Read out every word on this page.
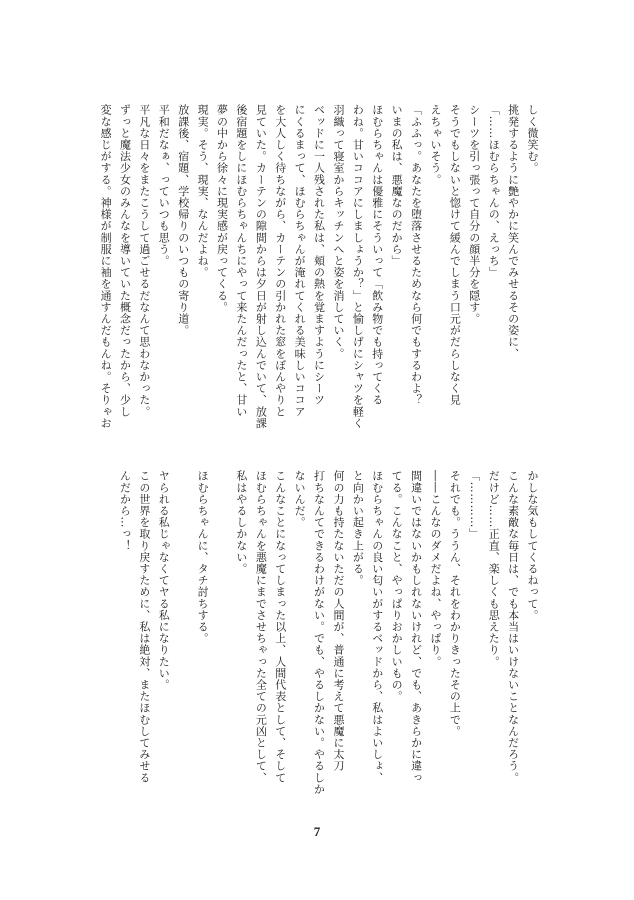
しく微笑む。
挑発するように艶やかに笑んでみせるその姿に、
「……ほむらちゃんの、えっち」
シーツを引っ張って自分の顔半分を隠す。
そうでもしないと惚けて緩んでしまう口元がだらしなく見
えちゃいそう。
「ふふっ。あなたを堕落させるためなら何でもするわよ？
いまの私は、悪魔なのだから」
ほむらちゃんは優雅にそういって「飲み物でも持ってくる
わね。甘いココアにしましょうか？」と愉しげにシャツを軽く
羽織って寝室からキッチンへと姿を消していく。
ベッドに一人残された私は、頬の熱を覚ますようにシーツ
にくるまって、ほむらちゃんが淹れてくれる美味しいココア
を大人しく待ちながら、カーテンの引かれた窓をぼんやりと
見ていた。カーテンの隙間からは夕日が射し込んでいて、放課
後宿題をしにほむらちゃんちにやって来たんだったと、甘い
夢の中から徐々に現実感が戻ってくる。
現実。そう、現実、なんだよね。
放課後、宿題、学校帰りのいつもの寄り道。
平和だなぁ、っていつも思う。
平凡な日々をまたこうして過ごせるだなんて思わなかった。
ずっと魔法少女のみんなを導いていた概念だったから、少し
変な感じがする。神様が制服に袖を通すんだもんね。そりゃお
かしな気もしてくるねって。
こんな素敵な毎日は、でも本当はいけないことなんだろう。
だけど……正直、楽しくも思えたり。
「…………」
それでも。ううん、それをわかりきったその上で。
――こんなのダメだよね、やっぱり。
間違いではないかもしれないけれど、でも、あきらかに違っ
てる。こんなこと、やっぱりおかしいもの。
ほむらちゃんの良い匂いがするベッドから、私はよいしょ、
と向かい起き上がる。
何の力も持たないただの人間が、普通に考えて悪魔に太刀
打ちなんてできるわけがない。でも、やるしかない。やるしか
ないんだ。
こんなことになってしまった以上、人間代表として、そして
ほむらちゃんを悪魔にまでさせちゃった全ての元凶として、
私はやるしかない。
ほむらちゃんに、タチ討ちする。
ヤられる私じゃなくてヤる私になりたい。
この世界を取り戻すために、私は絶対、またほむしてみせる
んだから…っ！
7
